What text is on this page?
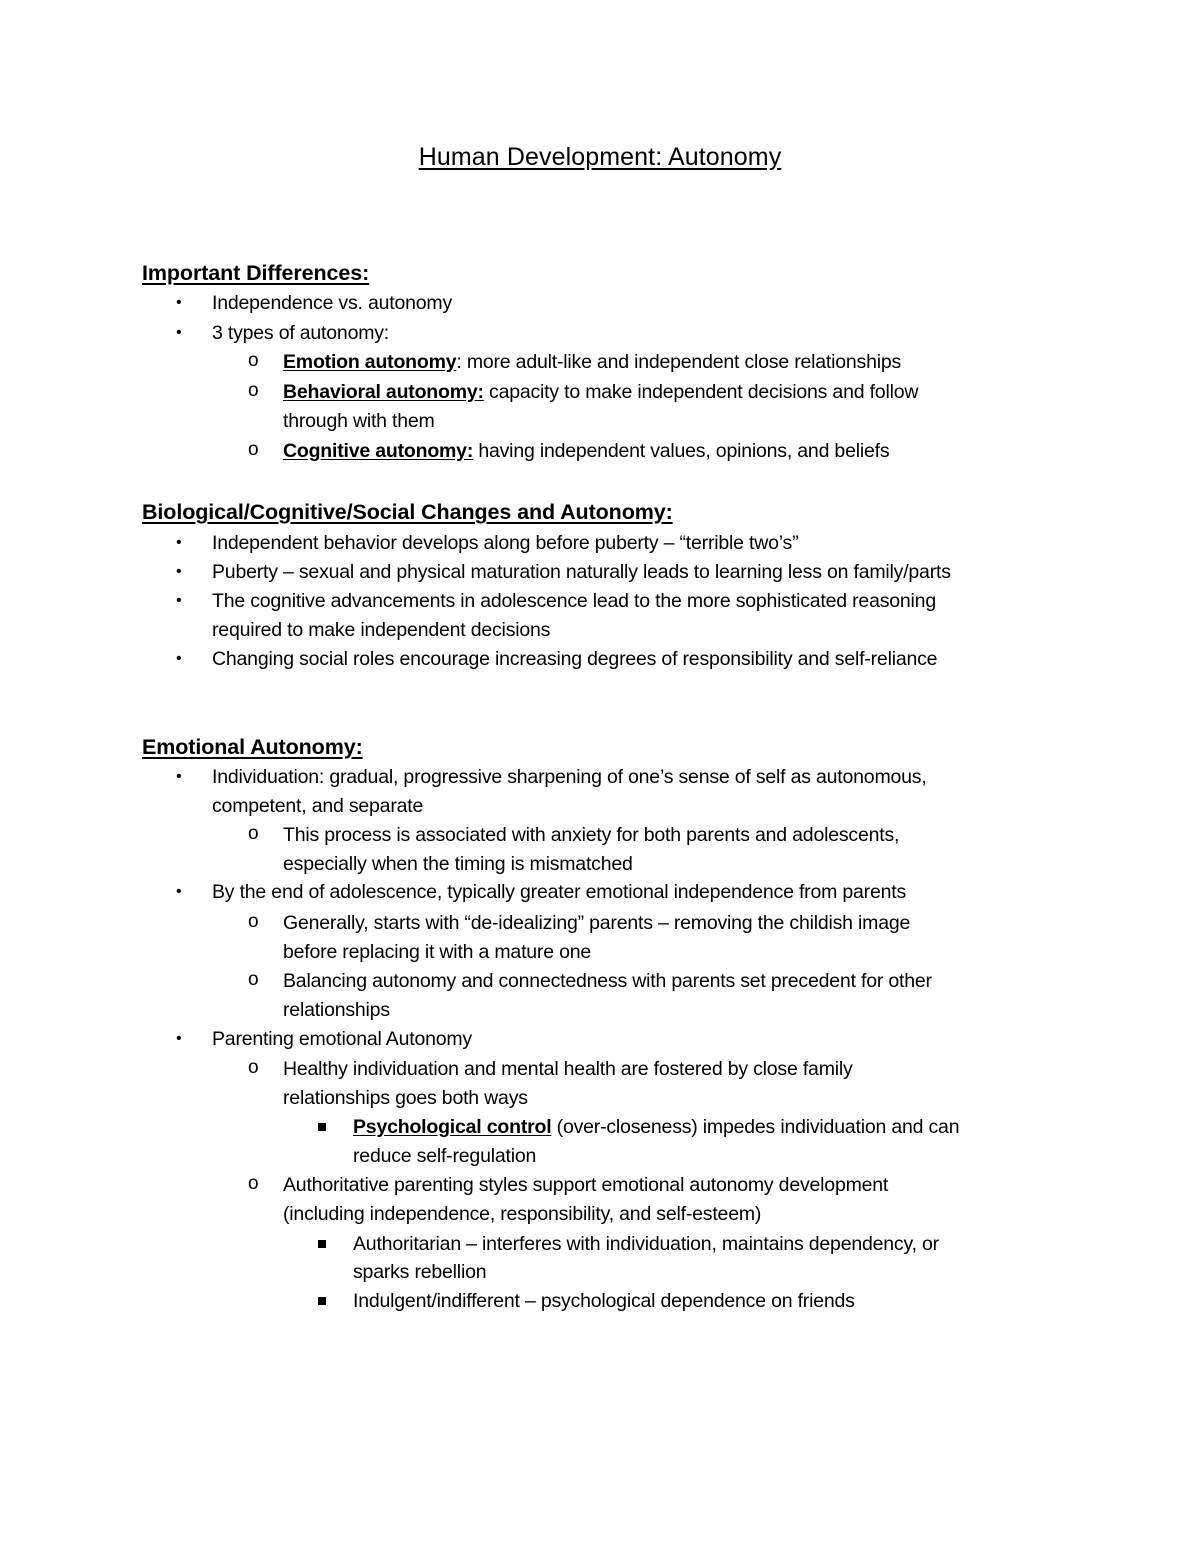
Human Development: Autonomy
Important Differences:
• Independence vs. autonomy
• 3 types of autonomy:
o Emotion autonomy: more adult-like and independent close relationships
o Behavioral autonomy: capacity to make independent decisions and follow
through with them
o Cognitive autonomy: having independent values, opinions, and beliefs
Biological/Cognitive/Social Changes and Autonomy:
• Independent behavior develops along before puberty – “terrible two’s”
• Puberty – sexual and physical maturation naturally leads to learning less on family/parts
• The cognitive advancements in adolescence lead to the more sophisticated reasoning
required to make independent decisions
• Changing social roles encourage increasing degrees of responsibility and self-reliance
Emotional Autonomy:
• Individuation: gradual, progressive sharpening of one’s sense of self as autonomous,
competent, and separate
o This process is associated with anxiety for both parents and adolescents,
especially when the timing is mismatched
• By the end of adolescence, typically greater emotional independence from parents
o Generally, starts with “de-idealizing” parents – removing the childish image
before replacing it with a mature one
o Balancing autonomy and connectedness with parents set precedent for other
relationships
• Parenting emotional Autonomy
o Healthy individuation and mental health are fostered by close family
relationships goes both ways
Psychological control (over-closeness) impedes individuation and can
reduce self-regulation
o Authoritative parenting styles support emotional autonomy development
(including independence, responsibility, and self-esteem)
Authoritarian – interferes with individuation, maintains dependency, or
sparks rebellion
Indulgent/indifferent – psychological dependence on friends
